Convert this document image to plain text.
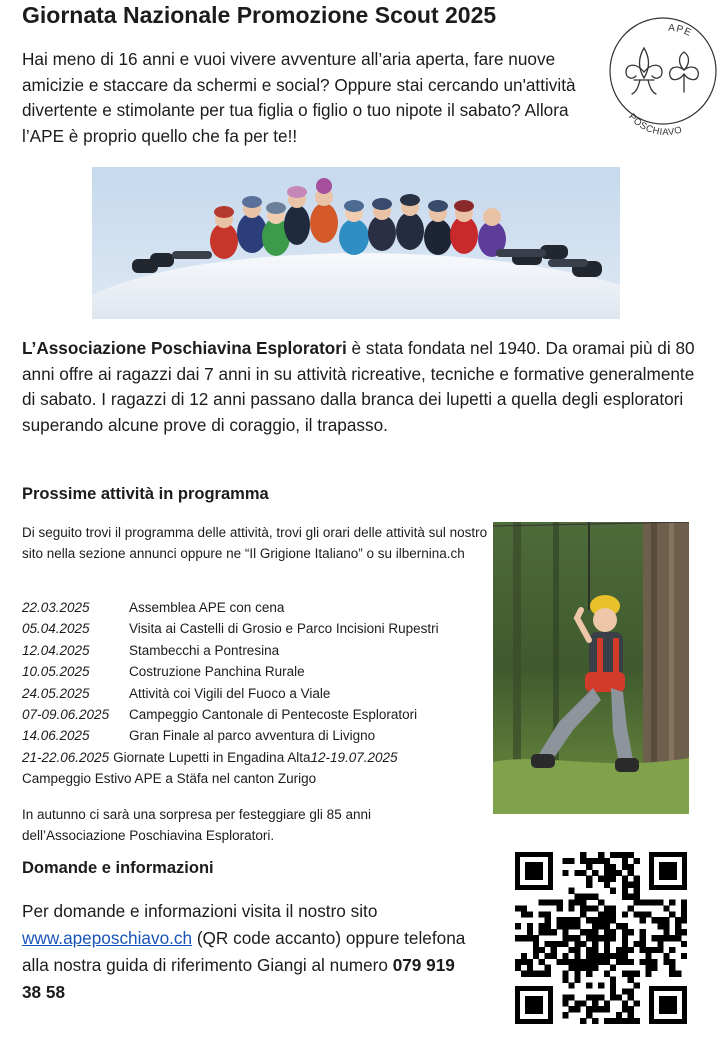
Giornata Nazionale Promozione Scout 2025
Hai meno di 16 anni e vuoi vivere avventure all’aria aperta, fare nuove amicizie e staccare da schermi e social? Oppure stai cercando un'attività divertente e stimolante per tua figlia o figlio o tuo nipote il sabato? Allora l’APE è proprio quello che fa per te!!
APE
POSCHIAVO
L’Associazione Poschiavina Esploratori è stata fondata nel 1940. Da oramai più di 80 anni offre ai ragazzi dai 7 anni in su attività ricreative, tecniche e formative generalmente di sabato. I ragazzi di 12 anni passano dalla branca dei lupetti a quella degli esploratori superando alcune prove di coraggio, il trapasso.
Prossime attività in programma
Di seguito trovi il programma delle attività, trovi gli orari delle attività sul nostro sito nella sezione annunci oppure ne “Il Grigione Italiano” o su ilbernina.ch
22.03.2025	Assemblea APE con cena
05.04.2025	Visita ai Castelli di Grosio e Parco Incisioni Rupestri
12.04.2025	Stambecchi a Pontresina
10.05.2025	Costruzione Panchina Rurale
24.05.2025	Attività coi Vigili del Fuoco a Viale
07-09.06.2025 Campeggio Cantonale di Pentecoste Esploratori
14.06.2025	Gran Finale al parco avventura di Livigno
21-22.06.2025 Giornate Lupetti in Engadina Alta12-19.07.2025
Campeggio Estivo APE a Stäfa nel canton Zurigo
In autunno ci sarà una sorpresa per festeggiare gli 85 anni dell’Associazione Poschiavina Esploratori.
Domande e informazioni
Per domande e informazioni visita il nostro sito www.apeposchiavo.ch (QR code accanto) oppure telefona alla nostra guida di riferimento Giangi al numero 079 919 38 58
